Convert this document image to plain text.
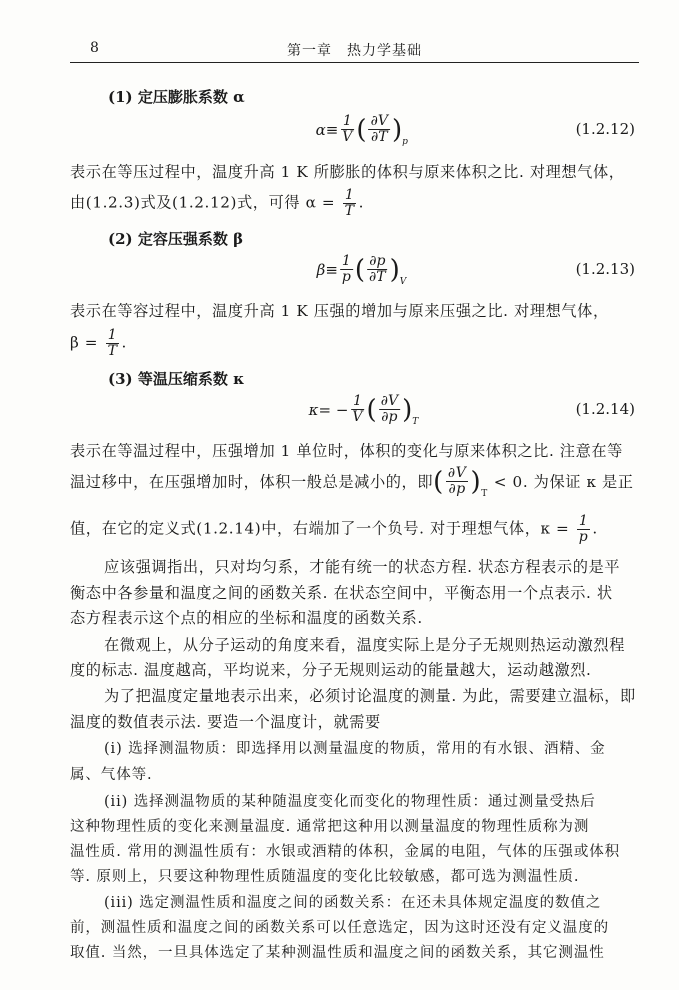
8	第一章　热力学基础
(1) 定压膨胀系数 α
$\alpha\equiv \frac{1}{V}$ ( $\frac{\partial V}{\partial T}$ ) p
(1.2.12)
表示在等压过程中，温度升高 1 K 所膨胀的体积与原来体积之比. 对理想气体，
由(1.2.3)式及(1.2.12)式，可得 $\alpha = \frac{1}{T}$ .
(2) 定容压强系数 β
$\beta\equiv \frac{1}{p}$ ( $\frac{\partial p}{\partial T}$ ) V
(1.2.13)
表示在等容过程中，温度升高 1 K 压强的增加与原来压强之比. 对理想气体，
$\beta = \frac{1}{T}$ .
(3) 等温压缩系数 κ
$\kappa= - \frac{1}{V}$ ( $\frac{\partial V}{\partial p}$ ) T
(1.2.14)
表示在等温过程中，压强增加 1 单位时，体积的变化与原来体积之比. 注意在等
温过移中，在压强增加时，体积一般总是减小的，即 ( $\frac{\partial V}{\partial p}$ ) T
< 0. 为保证 κ 是正
值，在它的定义式(1.2.14)中，右端加了一个负号. 对于理想气体，$\kappa = \frac{1}{p}$ .
应该强调指出，只对均匀系，才能有统一的状态方程. 状态方程表示的是平
衡态中各参量和温度之间的函数关系. 在状态空间中，平衡态用一个点表示. 状
态方程表示这个点的相应的坐标和温度的函数关系.
在微观上，从分子运动的角度来看，温度实际上是分子无规则热运动激烈程
度的标志. 温度越高，平均说来，分子无规则运动的能量越大，运动越激烈.
为了把温度定量地表示出来，必须讨论温度的测量. 为此，需要建立温标，即
温度的数值表示法. 要造一个温度计，就需要
(i) 选择测温物质：即选择用以测量温度的物质，常用的有水银、酒精、金
属、气体等.
(ii) 选择测温物质的某种随温度变化而变化的物理性质：通过测量受热后
这种物理性质的变化来测量温度. 通常把这种用以测量温度的物理性质称为测
温性质. 常用的测温性质有：水银或酒精的体积，金属的电阻，气体的压强或体积
等. 原则上，只要这种物理性质随温度的变化比较敏感，都可选为测温性质.
(iii) 选定测温性质和温度之间的函数关系：在还未具体规定温度的数值之
前，测温性质和温度之间的函数关系可以任意选定，因为这时还没有定义温度的
取值. 当然，一旦具体选定了某种测温性质和温度之间的函数关系，其它测温性
